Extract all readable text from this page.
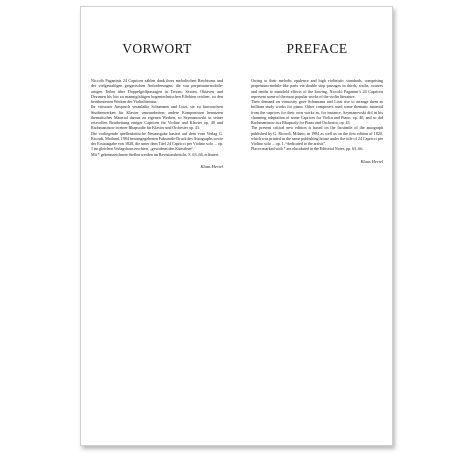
VORWORT

Niccolò Paganinis 24 Capricen zählen dank ihres melodischen Reichtums und der vielgestaltigen geigerischen Anforderungen, die von perpetuum-mobile-artigen Teilen über Doppelgriffpassagen in Terzen, Sexten, Oktaven und Dezimen bis hin zu mannigfaltigen bogentechnischen Effekten reichen, zu den berühmtesten Werken der Violinliteratur.

Ihr virtuoser Anspruch veranlaßte Schumann und Liszt, sie zu bravourösen Studienwerken für Klavier umzuarbeiten; andere Komponisten benutzten thematisches Material daraus zu eigenen Werken, so Szymanowski in seiner reizvollen Bearbeitung einiger Capricen für Violine und Klavier op. 40 und Rachmaninow in einer Rhapsodie für Klavier und Orchester op. 43.

Die vorliegende quellenkritische Neuausgabe basiert auf dem vom Verlag G. Ricordi, Mailand, 1984 herausgegebenen Faksimile-Druck des Autographs sowie der Erstausgabe von 1820, die unter dem Titel 24 Capricci per Violino solo ... op. 1 im gleichen Verlagshaus erschien, „gewidmet den Künstlern“.

Mit * gekennzeichnete Stellen werden im Revisionsbericht, S. 63–66, erläutert.

Klaus Hertel
PREFACE

Owing to their melodic opulence and high violinistic standards, comprising perpetuum-mobile-like parts via double stop passages in thirds, sixths, octaves and tenths to manifold effects of the bowing, Niccolò Paganini’s 24 Capricen represent some of the most popular works of the violin literature.

Their demand on virtuosity gave Schumann and Liszt rise to arrange them as brilliant study works for piano. Other composers used some thematic material from the caprices for their own works as, for instance, Szymanowski did in his charming adaptation of some Caprices for Violin and Piano, op. 40, and so did Rachmaninow in a Rhapsody for Piano and Orchestra, op. 43.

The present critical new edition is based on the facsimile of the autograph published by G. Ricordi, Milano, in 1984 as well as on the first edition of 1820, which was printed in the same publishing house under the title of 24 Capricci per Violino solo ... op. 1, “dedicated to the artists”.

Places marked with * are elucidated in the Editorial Notes, pp. 63–66.

Klaus Hertel
